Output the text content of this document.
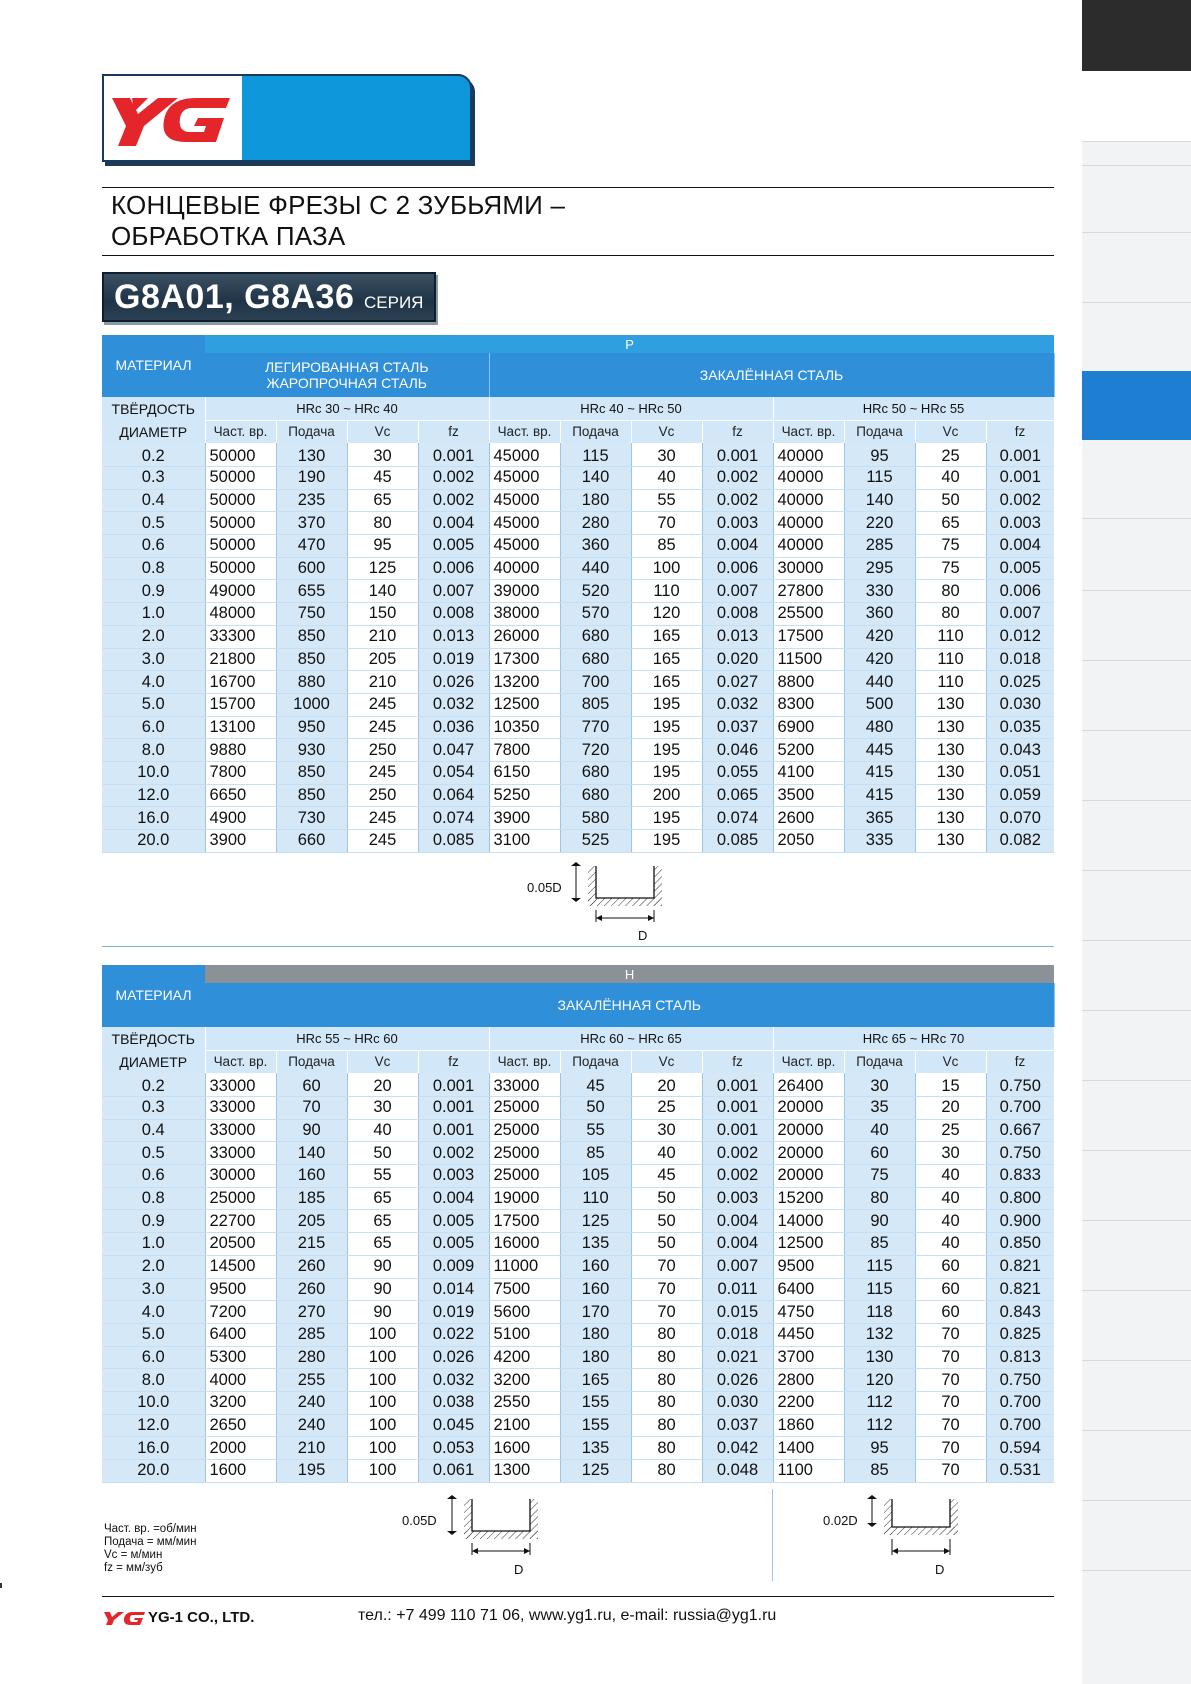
КОНЦЕВЫЕ ФРЕЗЫ С 2 ЗУБЬЯМИ –
ОБРАБОТКА ПАЗА
G8A01, G8A36 СЕРИЯ
МАТЕРИАЛ	P											

	ЛЕГИРОВАННАЯ СТАЛЬ
ЖАРОПРОЧНАЯ СТАЛЬ				ЗАКАЛЁННАЯ СТАЛЬ							
ТВЁРДОСТЬ	HRc 30 ~ HRc 40				HRc 40 ~ HRc 50				HRc 50 ~ HRc 55			
ДИАМЕТР	Част. вр.	Подача	Vc	fz	Част. вр.	Подача	Vc	fz	Част. вр.	Подача	Vc	fz
0.2	50000	130	30	0.001	45000	115	30	0.001	40000	95	25	0.001
0.3	50000	190	45	0.002	45000	140	40	0.002	40000	115	40	0.001
0.4	50000	235	65	0.002	45000	180	55	0.002	40000	140	50	0.002
0.5	50000	370	80	0.004	45000	280	70	0.003	40000	220	65	0.003
0.6	50000	470	95	0.005	45000	360	85	0.004	40000	285	75	0.004
0.8	50000	600	125	0.006	40000	440	100	0.006	30000	295	75	0.005
0.9	49000	655	140	0.007	39000	520	110	0.007	27800	330	80	0.006
1.0	48000	750	150	0.008	38000	570	120	0.008	25500	360	80	0.007
2.0	33300	850	210	0.013	26000	680	165	0.013	17500	420	110	0.012
3.0	21800	850	205	0.019	17300	680	165	0.020	11500	420	110	0.018
4.0	16700	880	210	0.026	13200	700	165	0.027	8800	440	110	0.025
5.0	15700	1000	245	0.032	12500	805	195	0.032	8300	500	130	0.030
6.0	13100	950	245	0.036	10350	770	195	0.037	6900	480	130	0.035
8.0	9880	930	250	0.047	7800	720	195	0.046	5200	445	130	0.043
10.0	7800	850	245	0.054	6150	680	195	0.055	4100	415	130	0.051
12.0	6650	850	250	0.064	5250	680	200	0.065	3500	415	130	0.059
16.0	4900	730	245	0.074	3900	580	195	0.074	2600	365	130	0.070
20.0	3900	660	245	0.085	3100	525	195	0.085	2050	335	130	0.082
0.05D
D
МАТЕРИАЛ	H											
	ЗАКАЛЁННАЯ СТАЛЬ											
ТВЁРДОСТЬ	HRc 55 ~ HRc 60				HRc 60 ~ HRc 65				HRc 65 ~ HRc 70			
ДИАМЕТР	Част. вр.	Подача	Vc	fz	Част. вр.	Подача	Vc	fz	Част. вр.	Подача	Vc	fz
0.2	33000	60	20	0.001	33000	45	20	0.001	26400	30	15	0.750
0.3	33000	70	30	0.001	25000	50	25	0.001	20000	35	20	0.700
0.4	33000	90	40	0.001	25000	55	30	0.001	20000	40	25	0.667
0.5	33000	140	50	0.002	25000	85	40	0.002	20000	60	30	0.750
0.6	30000	160	55	0.003	25000	105	45	0.002	20000	75	40	0.833
0.8	25000	185	65	0.004	19000	110	50	0.003	15200	80	40	0.800
0.9	22700	205	65	0.005	17500	125	50	0.004	14000	90	40	0.900
1.0	20500	215	65	0.005	16000	135	50	0.004	12500	85	40	0.850
2.0	14500	260	90	0.009	11000	160	70	0.007	9500	115	60	0.821
3.0	9500	260	90	0.014	7500	160	70	0.011	6400	115	60	0.821
4.0	7200	270	90	0.019	5600	170	70	0.015	4750	118	60	0.843
5.0	6400	285	100	0.022	5100	180	80	0.018	4450	132	70	0.825
6.0	5300	280	100	0.026	4200	180	80	0.021	3700	130	70	0.813
8.0	4000	255	100	0.032	3200	165	80	0.026	2800	120	70	0.750
10.0	3200	240	100	0.038	2550	155	80	0.030	2200	112	70	0.700
12.0	2650	240	100	0.045	2100	155	80	0.037	1860	112	70	0.700
16.0	2000	210	100	0.053	1600	135	80	0.042	1400	95	70	0.594
20.0	1600	195	100	0.061	1300	125	80	0.048	1100	85	70	0.531
Част. вр. =об/мин
Подача = мм/мин
Vc = м/мин
fz = мм/зуб
0.05D
D
0.02D
D
YG-1 CO., LTD.	тел.: +7 499 110 71 06, www.yg1.ru, e-mail: russia@yg1.ru
